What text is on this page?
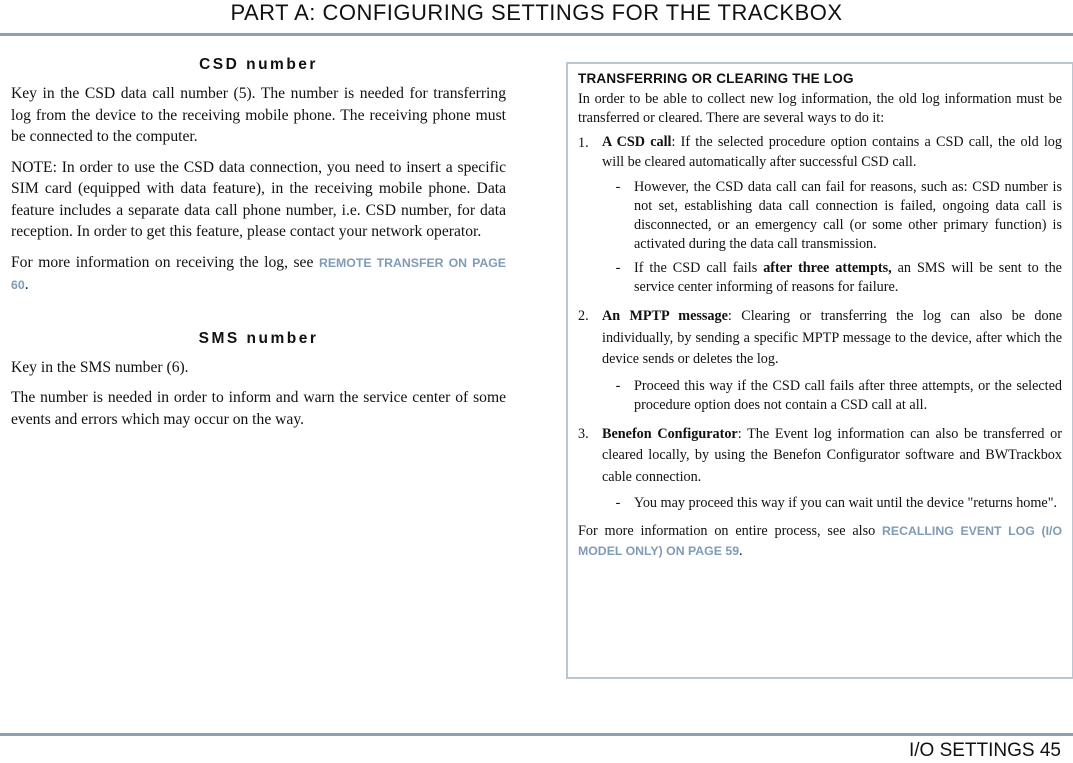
PART A: CONFIGURING SETTINGS FOR THE TRACKBOX
CSD number

Key in the CSD data call number (5). The number is needed for transferring log from the device to the receiving mobile phone. The receiving phone must be connected to the computer.

NOTE: In order to use the CSD data connection, you need to insert a specific SIM card (equipped with data feature), in the receiving mobile phone. Data feature includes a separate data call phone number, i.e. CSD number, for data reception. In order to get this feature, please contact your network operator.

For more information on receiving the log, see REMOTE TRANSFER ON PAGE 60.

SMS number

Key in the SMS number (6).

The number is needed in order to inform and warn the service center of some events and errors which may occur on the way.

TRANSFERRING OR CLEARING THE LOG

In order to be able to collect new log information, the old log information must be transferred or cleared. There are several ways to do it:

1. A CSD call: If the selected procedure option contains a CSD call, the old log will be cleared automatically after successful CSD call.
- However, the CSD data call can fail for reasons, such as: CSD number is not set, establishing data call connection is failed, ongoing data call is disconnected, or an emergency call (or some other primary function) is activated during the data call transmission.
- If the CSD call fails after three attempts, an SMS will be sent to the service center informing of reasons for failure.
2. An MPTP message: Clearing or transferring the log can also be done individually, by sending a specific MPTP message to the device, after which the device sends or deletes the log.
- Proceed this way if the CSD call fails after three attempts, or the selected procedure option does not contain a CSD call at all.
3. Benefon Configurator: The Event log information can also be transferred or cleared locally, by using the Benefon Configurator software and BWTrackbox cable connection.
- You may proceed this way if you can wait until the device "returns home".

For more information on entire process, see also RECALLING EVENT LOG (I/O MODEL ONLY) ON PAGE 59.

I/O SETTINGS 45
